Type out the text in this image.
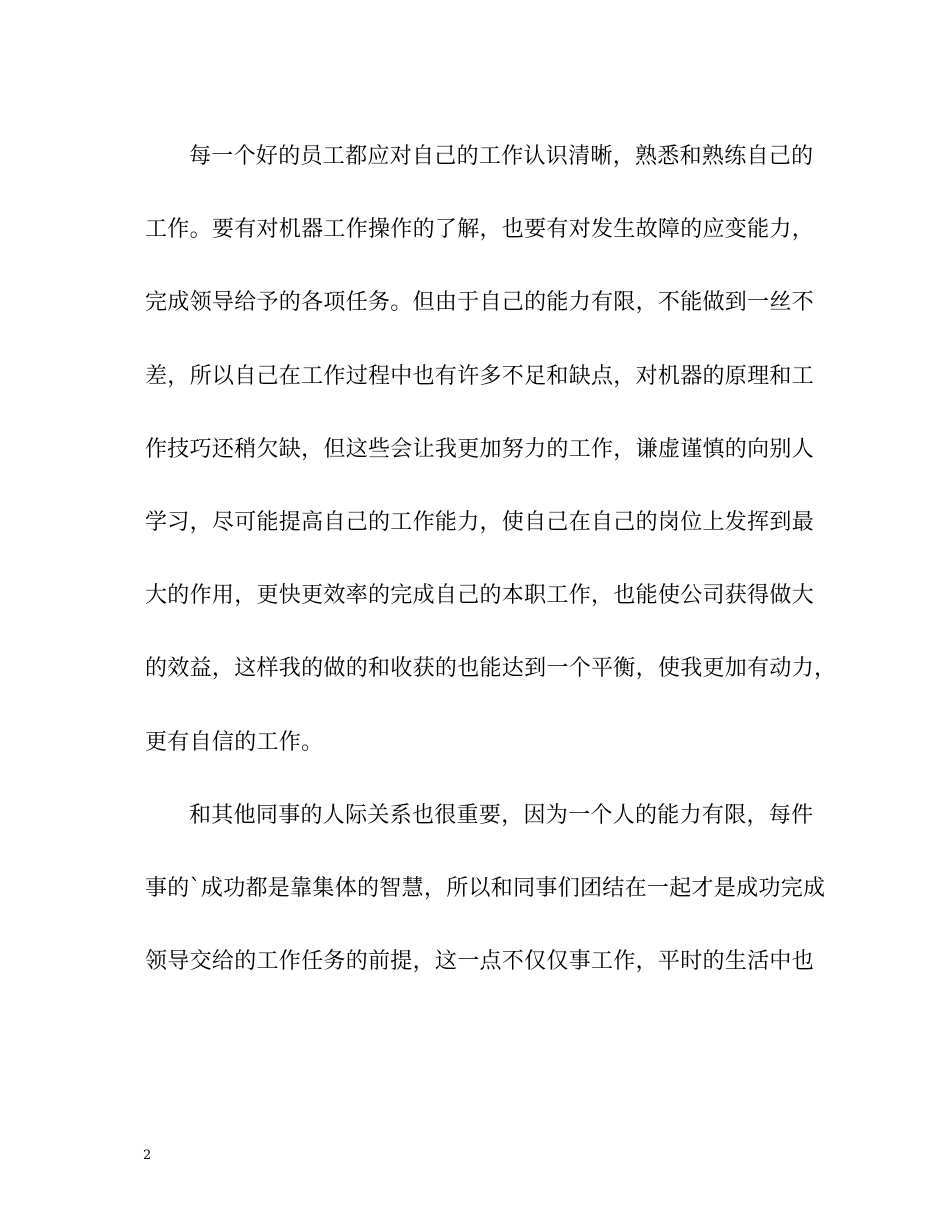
每一个好的员工都应对自己的工作认识清晰，熟悉和熟练自己的
工作。要有对机器工作操作的了解，也要有对发生故障的应变能力，
完成领导给予的各项任务。但由于自己的能力有限，不能做到一丝不
差，所以自己在工作过程中也有许多不足和缺点，对机器的原理和工
作技巧还稍欠缺，但这些会让我更加努力的工作，谦虚谨慎的向别人
学习，尽可能提高自己的工作能力，使自己在自己的岗位上发挥到最
大的作用，更快更效率的完成自己的本职工作，也能使公司获得做大
的效益，这样我的做的和收获的也能达到一个平衡，使我更加有动力，
更有自信的工作。
和其他同事的人际关系也很重要，因为一个人的能力有限，每件
事的`成功都是靠集体的智慧，所以和同事们团结在一起才是成功完成
领导交给的工作任务的前提，这一点不仅仅事工作，平时的生活中也
2
